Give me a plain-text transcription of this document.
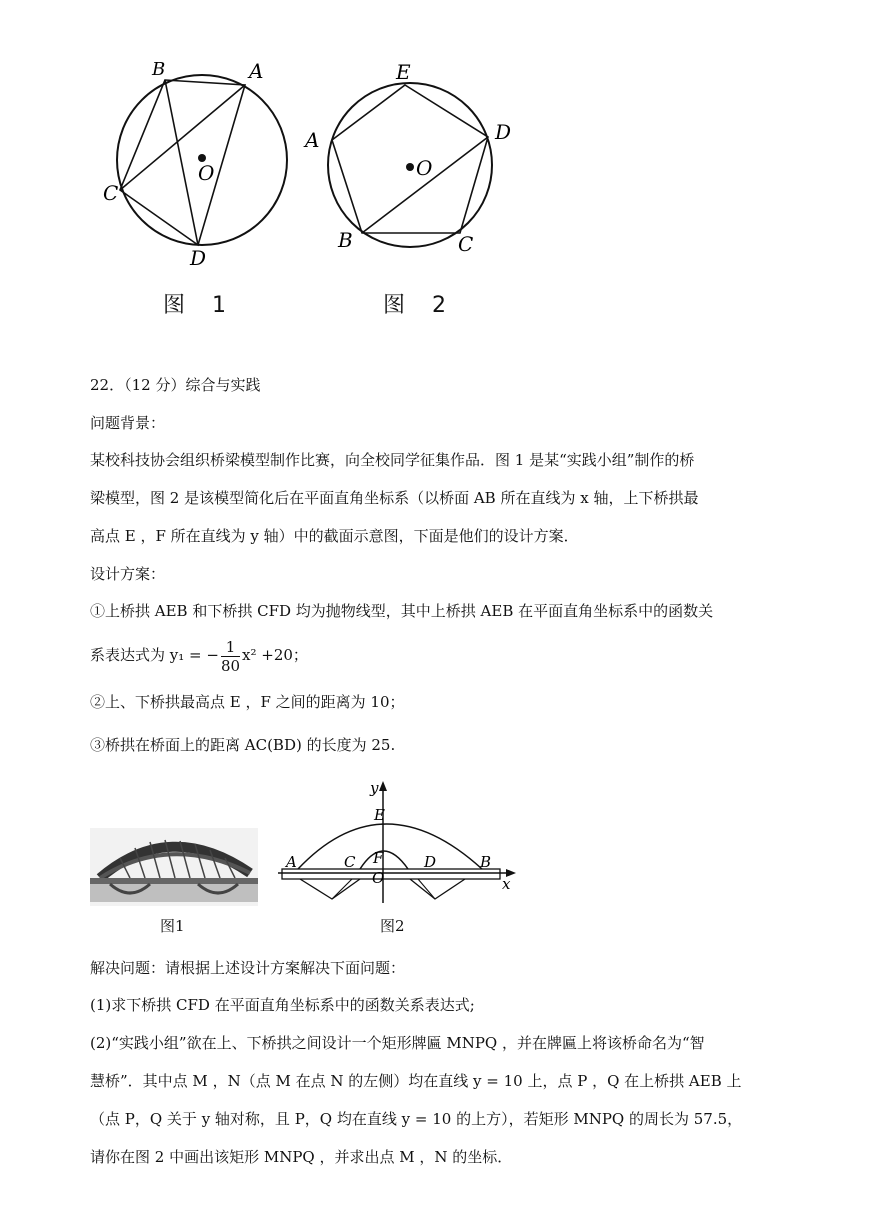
B	A
C
D
O
图 1
E
A	D
O
B	C
图 2
22．（12 分）综合与实践
问题背景：
某校科技协会组织桥梁模型制作比赛，向全校同学征集作品．图 1 是某“实践小组”制作的桥
梁模型，图 2 是该模型简化后在平面直角坐标系（以桥面 AB 所在直线为 x 轴，上下桥拱最
高点 E ，F 所在直线为 y 轴）中的截面示意图，下面是他们的设计方案．
设计方案：
①上桥拱 AEB 和下桥拱 CFD 均为抛物线型，其中上桥拱 AEB 在平面直角坐标系中的函数关
系表达式为 y₁ = − $\frac{1}{80} x^2 +20$；
②上、下桥拱最高点 E ，F 之间的距离为 10；
③桥拱在桥面上的距离 AC(BD) 的长度为 25.
y
x
O
E
A	C F	D	B
图1	图2
解决问题：请根据上述设计方案解决下面问题：
(1)求下桥拱 CFD 在平面直角坐标系中的函数关系表达式;
(2)“实践小组”欲在上、下桥拱之间设计一个矩形牌匾 MNPQ ，并在牌匾上将该桥命名为“智
慧桥”．其中点 M ，N（点 M 在点 N 的左侧）均在直线 y = 10 上，点 P ，Q 在上桥拱 AEB 上
（点 P，Q 关于 y 轴对称，且 P，Q 均在直线 y = 10 的上方），若矩形 MNPQ 的周长为 57.5，
请你在图 2 中画出该矩形 MNPQ ，并求出点 M ，N 的坐标．
